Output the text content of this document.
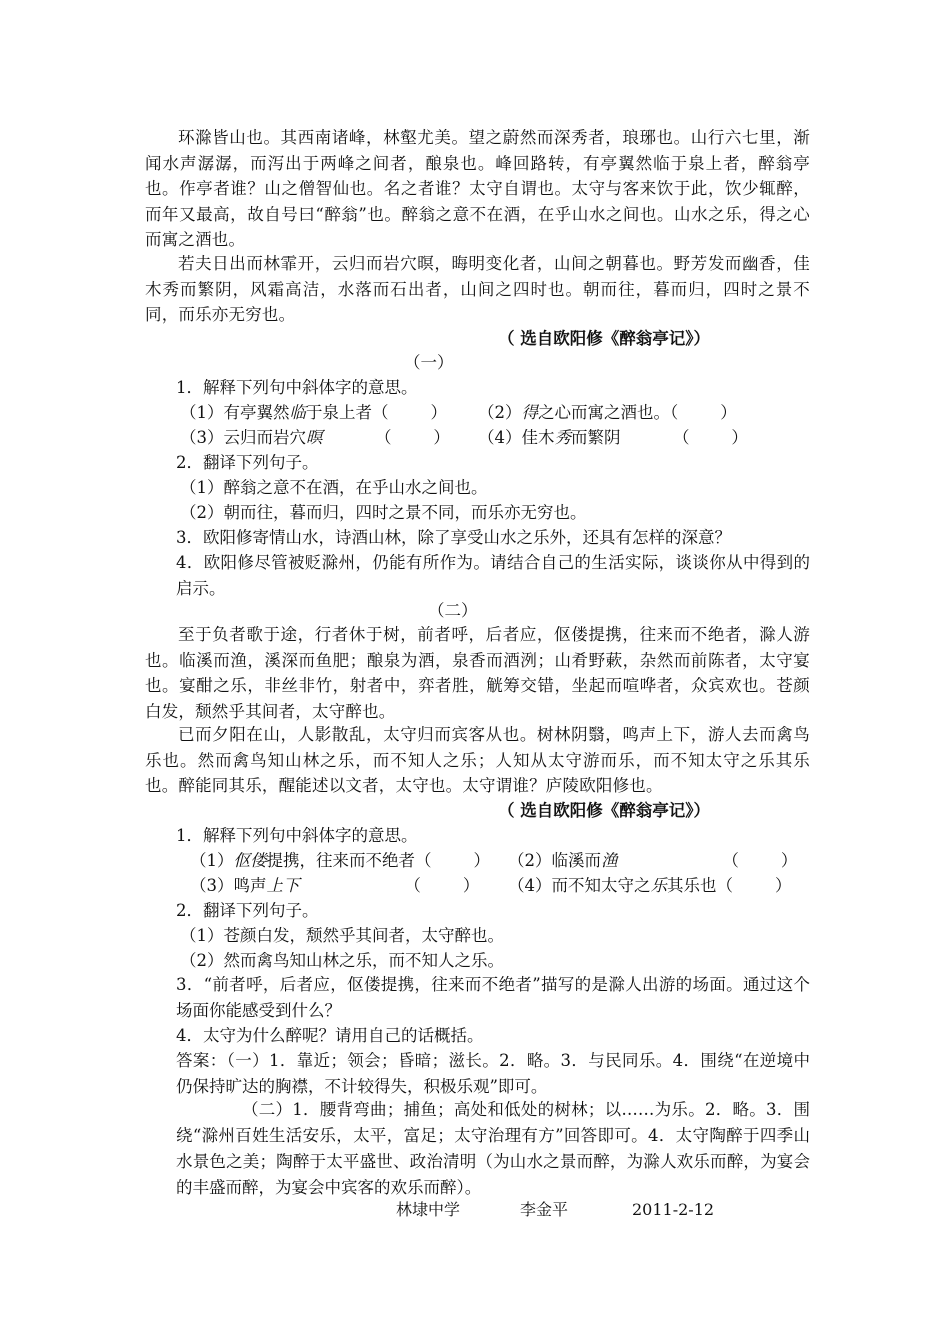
环滁皆山也。其西南诸峰，林壑尤美。望之蔚然而深秀者，琅琊也。山行六七里，渐闻水声潺潺，而泻出于两峰之间者，酿泉也。峰回路转，有亭翼然临于泉上者，醉翁亭也。作亭者谁？山之僧智仙也。名之者谁？太守自谓也。太守与客来饮于此，饮少辄醉，而年又最高，故自号曰“醉翁”也。醉翁之意不在酒，在乎山水之间也。山水之乐，得之心而寓之酒也。

若夫日出而林霏开，云归而岩穴暝，晦明变化者，山间之朝暮也。野芳发而幽香，佳木秀而繁阴，风霜高洁，水落而石出者，山间之四时也。朝而往，暮而归，四时之景不同，而乐亦无穷也。

（ 选自欧阳修《醉翁亭记》）
（一）
1．解释下列句中斜体字的意思。
（1）有亭翼然临于泉上者（        ） （2）得之心而寓之酒也。（        ）
（3）云归而岩穴暝          （        ） （4）佳木秀而繁阴          （        ）
2．翻译下列句子。
（1）醉翁之意不在酒，在乎山水之间也。
（2）朝而往，暮而归，四时之景不同，而乐亦无穷也。
3．欧阳修寄情山水，诗酒山林，除了享受山水之乐外，还具有怎样的深意？

4．欧阳修尽管被贬滁州，仍能有所作为。请结合自己的生活实际，谈谈你从中得到的启示。

（二）

至于负者歌于途，行者休于树，前者呼，后者应，伛偻提携，往来而不绝者，滁人游也。临溪而渔，溪深而鱼肥；酿泉为酒，泉香而酒洌；山肴野蔌，杂然而前陈者，太守宴也。宴酣之乐，非丝非竹，射者中，弈者胜，觥筹交错，坐起而喧哗者，众宾欢也。苍颜白发，颓然乎其间者，太守醉也。

已而夕阳在山，人影散乱，太守归而宾客从也。树林阴翳，鸣声上下，游人去而禽鸟乐也。然而禽鸟知山林之乐，而不知人之乐；人知从太守游而乐，而不知太守之乐其乐也。醉能同其乐，醒能述以文者，太守也。太守谓谁？庐陵欧阳修也。

（ 选自欧阳修《醉翁亭记》）
1．解释下列句中斜体字的意思。
（1）伛偻提携，往来而不绝者（        ） （2）临溪而渔                    （        ）
（3）鸣声上下                    （        ） （4）而不知太守之乐其乐也（        ）
2．翻译下列句子。
（1）苍颜白发，颓然乎其间者，太守醉也。
（2）然而禽鸟知山林之乐，而不知人之乐。

3．“前者呼，后者应，伛偻提携，往来而不绝者”描写的是滁人出游的场面。通过这个场面你能感受到什么？

4．太守为什么醉呢？请用自己的话概括。

答案：（一）1．靠近；领会；昏暗；滋长。2．略。3．与民同乐。4．围绕“在逆境中仍保持旷达的胸襟，不计较得失，积极乐观”即可。

（二）1．腰背弯曲；捕鱼；高处和低处的树林；以……为乐。2．略。3．围绕“滁州百姓生活安乐，太平，富足；太守治理有方”回答即可。4．太守陶醉于四季山水景色之美；陶醉于太平盛世、政治清明（为山水之景而醉，为滁人欢乐而醉，为宴会的丰盛而醉，为宴会中宾客的欢乐而醉）。

林埭中学	李金平	2011-2-12
